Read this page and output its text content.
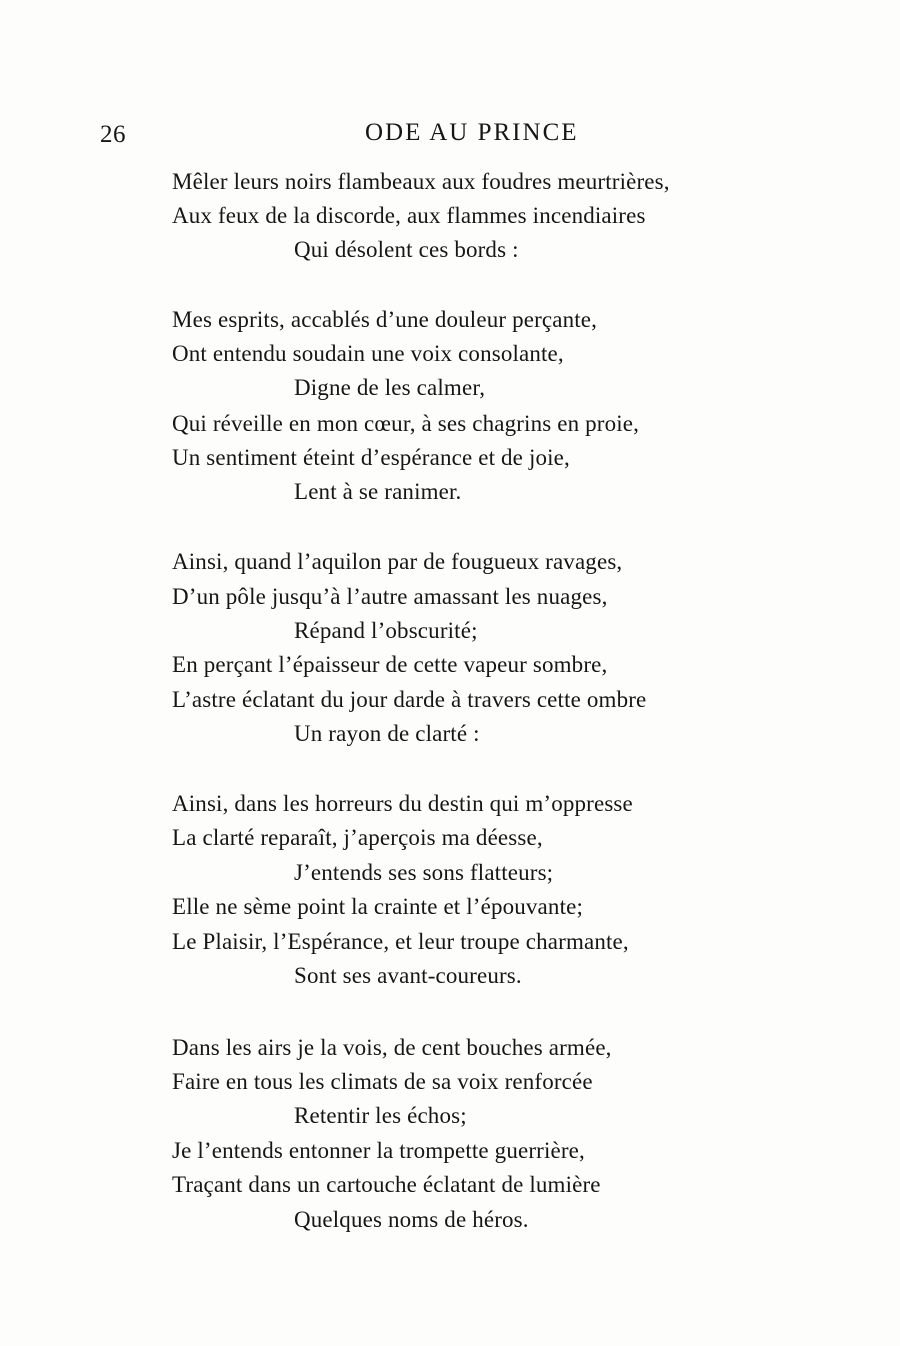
26	ODE AU PRINCE
Mêler leurs noirs flambeaux aux foudres meurtrières,
Aux feux de la discorde, aux flammes incendiaires
Qui désolent ces bords :
Mes esprits, accablés d’une douleur perçante,
Ont entendu soudain une voix consolante,
Digne de les calmer,
Qui réveille en mon cœur, à ses chagrins en proie,
Un sentiment éteint d’espérance et de joie,
Lent à se ranimer.
Ainsi, quand l’aquilon par de fougueux ravages,
D’un pôle jusqu’à l’autre amassant les nuages,
Répand l’obscurité;
En perçant l’épaisseur de cette vapeur sombre,
L’astre éclatant du jour darde à travers cette ombre
Un rayon de clarté :
Ainsi, dans les horreurs du destin qui m’oppresse
La clarté reparaît, j’aperçois ma déesse,
J’entends ses sons flatteurs;
Elle ne sème point la crainte et l’épouvante;
Le Plaisir, l’Espérance, et leur troupe charmante,
Sont ses avant-coureurs.
Dans les airs je la vois, de cent bouches armée,
Faire en tous les climats de sa voix renforcée
Retentir les échos;
Je l’entends entonner la trompette guerrière,
Traçant dans un cartouche éclatant de lumière
Quelques noms de héros.
